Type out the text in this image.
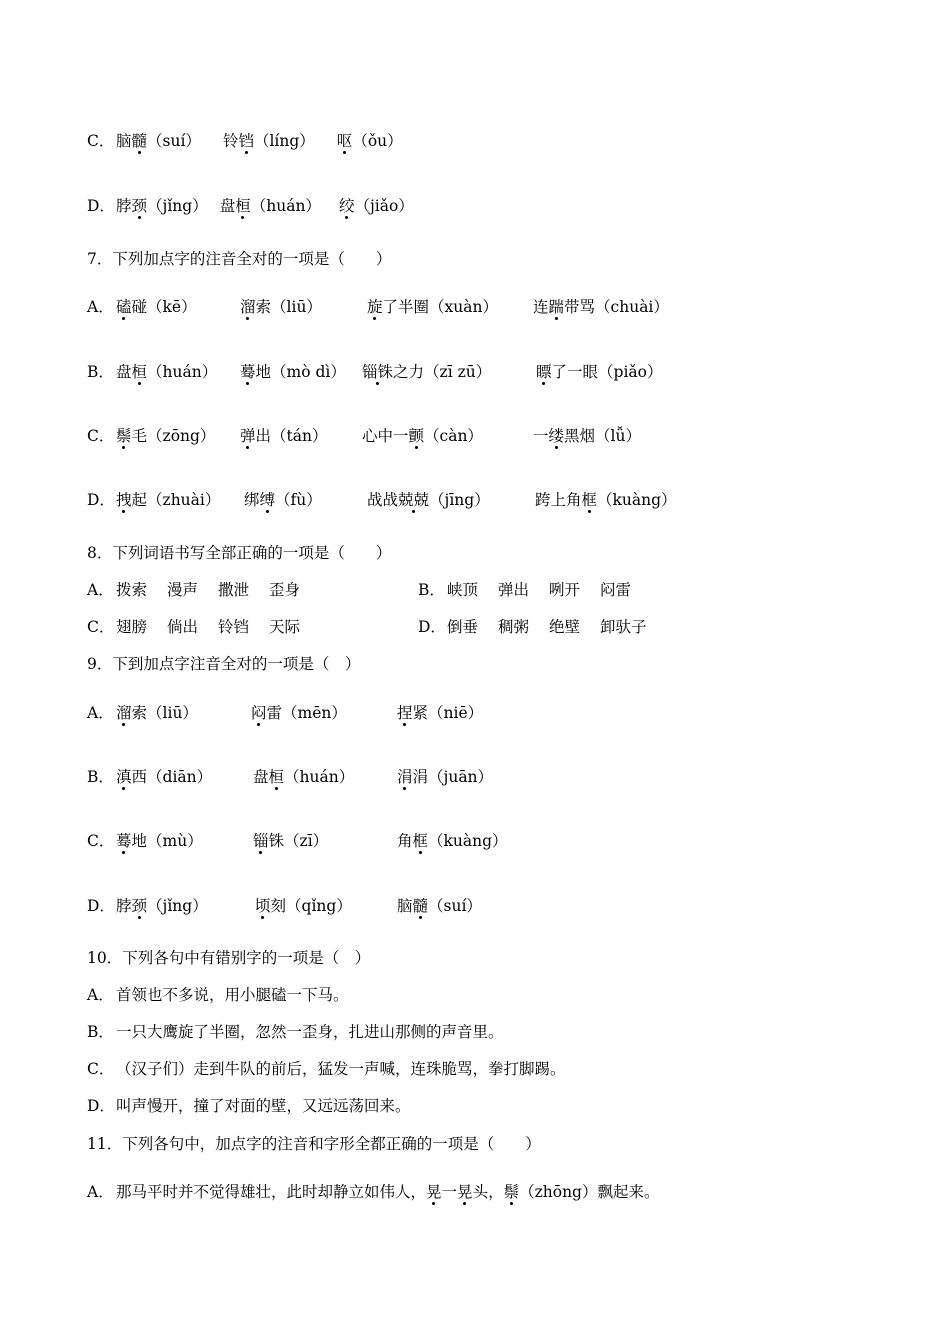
C． 脑髓（suí） 铃铛（líng） 呕（ǒu）
D．脖颈（jǐng） 盘桓（huán） 绞（jiǎo）
7．下列加点字的注音全对的一项是（　　）
A． 磕碰（kē）	溜索（liū）	旋了半圈（xuàn） 连踹带骂（chuài）
B． 盘桓（huán） 蓦地（mò dì） 锱铢之力（zī zū）	瞟了一眼（piǎo）
C． 鬃毛（zōng） 弹出（tán） 心中一颤（càn）	一缕黑烟（lǚ）
D．拽起（zhuài） 绑缚（fù）	战战兢兢（jīng）	跨上角框（kuàng）
8．下列词语书写全部正确的一项是（　　）
A． 拨索 漫声 撒泄 歪身	B． 峡顶 弹出 咧开 闷雷
C． 翅膀 倘出 铃铛 天际	D．倒垂 稠粥 绝壁 卸驮子
9．下到加点字注音全对的一项是（　）
A． 溜索（liū）	闷雷（mēn）	捏紧（niē）
B． 滇西（diān）	盘桓（huán）	涓涓（juān）
C． 蓦地（mù）	锱铢（zī）	角框（kuàng）
D．脖颈（jǐng）	顷刻（qǐng）	脑髓（suí）
10．下列各句中有错别字的一项是（　）
A． 首领也不多说，用小腿磕一下马。
B． 一只大鹰旋了半圈，忽然一歪身，扎进山那侧的声音里。
C． （汉子们）走到牛队的前后，猛发一声喊，连珠脆骂，拳打脚踢。
D．叫声慢开，撞了对面的壁，又远远荡回来。
11．下列各句中，加点字的注音和字形全都正确的一项是（　　）
A． 那马平时并不觉得雄壮，此时却静立如伟人，晃一晃头，鬃（zhōng）飘起来。
